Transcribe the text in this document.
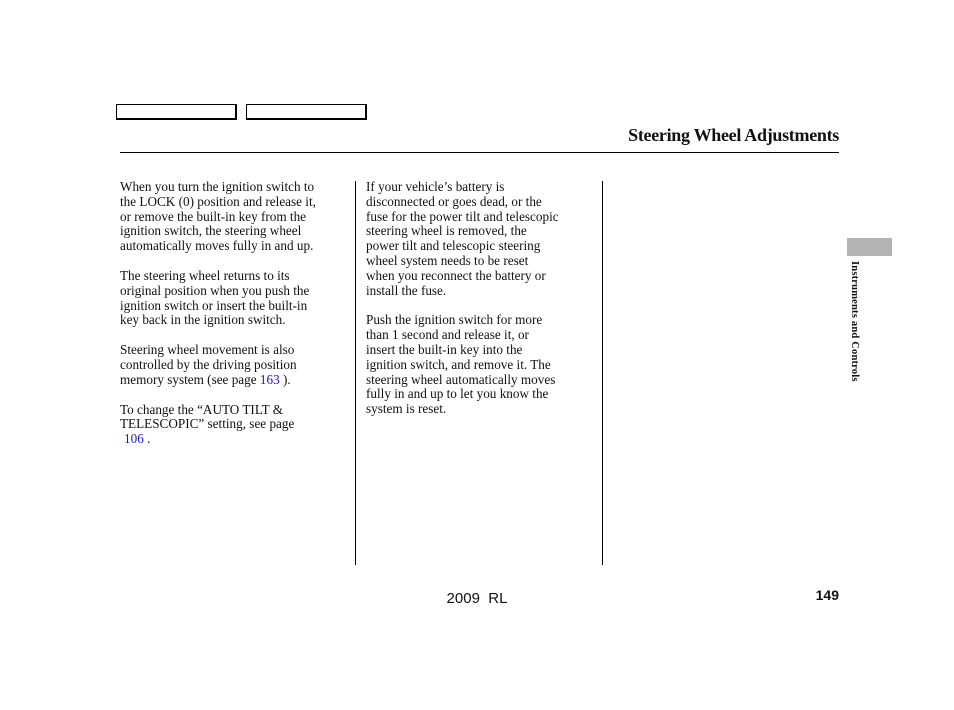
Steering Wheel Adjustments

When you turn the ignition switch to
the LOCK (0) position and release it,
or remove the built-in key from the
ignition switch, the steering wheel
automatically moves fully in and up.

The steering wheel returns to its
original position when you push the
ignition switch or insert the built-in
key back in the ignition switch.

Steering wheel movement is also
controlled by the driving position
memory system (see page 163 ).

To change the “AUTO TILT &
TELESCOPIC” setting, see page
106 .

If your vehicle’s battery is
disconnected or goes dead, or the
fuse for the power tilt and telescopic
steering wheel is removed, the
power tilt and telescopic steering
wheel system needs to be reset
when you reconnect the battery or
install the fuse.

Push the ignition switch for more
than 1 second and release it, or
insert the built-in key into the
ignition switch, and remove it. The
steering wheel automatically moves
fully in and up to let you know the
system is reset.

Instruments and Controls
2009  RL	149
